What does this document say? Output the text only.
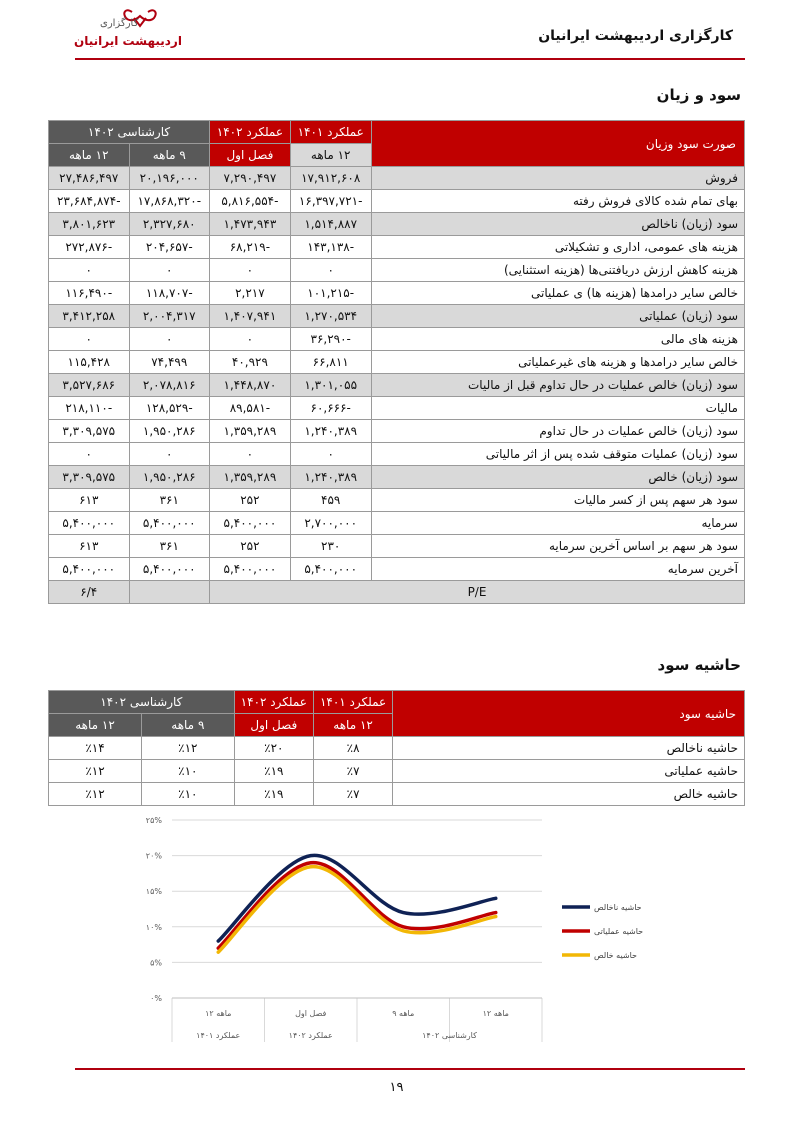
کارگزاری
اردیبهشت ایرانیان	کارگزاری اردیبهشت ایرانیان
سود و زیان
صورت سود وزیان	عملکرد ۱۴۰۱	عملکرد ۱۴۰۲	کارشناسی ۱۴۰۲	
	۱۲ ماهه	فصل اول	۹ ماهه	۱۲ ماهه
فروش	۱۷,۹۱۲,۶۰۸	۷,۲۹۰,۴۹۷	۲۰,۱۹۶,۰۰۰	۲۷,۴۸۶,۴۹۷
بهای تمام شده کالای فروش رفته	-۱۶,۳۹۷,۷۲۱	-۵,۸۱۶,۵۵۴	-۱۷,۸۶۸,۳۲۰	-۲۳,۶۸۴,۸۷۴
سود (زیان) ناخالص	۱,۵۱۴,۸۸۷	۱,۴۷۳,۹۴۳	۲,۳۲۷,۶۸۰	۳,۸۰۱,۶۲۳
هزینه های عمومی، اداری و تشکیلاتی	-۱۴۳,۱۳۸	-۶۸,۲۱۹	-۲۰۴,۶۵۷	-۲۷۲,۸۷۶
هزینه کاهش ارزش دریافتنی‌ها (هزینه استثنایی)	۰	۰	۰	۰
خالص سایر درامدها (هزینه ها) ی عملیاتی	-۱۰۱,۲۱۵	۲,۲۱۷	-۱۱۸,۷۰۷	-۱۱۶,۴۹۰
سود (زیان) عملیاتی	۱,۲۷۰,۵۳۴	۱,۴۰۷,۹۴۱	۲,۰۰۴,۳۱۷	۳,۴۱۲,۲۵۸
هزینه های مالی	-۳۶,۲۹۰	۰	۰	۰
خالص سایر درامدها و هزینه های غیرعملیاتی	۶۶,۸۱۱	۴۰,۹۲۹	۷۴,۴۹۹	۱۱۵,۴۲۸
سود (زیان) خالص عملیات در حال تداوم قبل از مالیات	۱,۳۰۱,۰۵۵	۱,۴۴۸,۸۷۰	۲,۰۷۸,۸۱۶	۳,۵۲۷,۶۸۶
مالیات	-۶۰,۶۶۶	-۸۹,۵۸۱	-۱۲۸,۵۲۹	-۲۱۸,۱۱۰
سود (زیان) خالص عملیات در حال تداوم	۱,۲۴۰,۳۸۹	۱,۳۵۹,۲۸۹	۱,۹۵۰,۲۸۶	۳,۳۰۹,۵۷۵
سود (زیان) عملیات متوقف شده پس از اثر مالیاتی	۰	۰	۰	۰
سود (زیان) خالص	۱,۲۴۰,۳۸۹	۱,۳۵۹,۲۸۹	۱,۹۵۰,۲۸۶	۳,۳۰۹,۵۷۵
سود هر سهم پس از کسر مالیات	۴۵۹	۲۵۲	۳۶۱	۶۱۳
سرمایه	۲,۷۰۰,۰۰۰	۵,۴۰۰,۰۰۰	۵,۴۰۰,۰۰۰	۵,۴۰۰,۰۰۰
سود هر سهم بر اساس آخرین سرمایه	۲۳۰	۲۵۲	۳۶۱	۶۱۳
آخرین سرمایه	۵,۴۰۰,۰۰۰	۵,۴۰۰,۰۰۰	۵,۴۰۰,۰۰۰	۵,۴۰۰,۰۰۰
P/E				۶/۴
حاشیه سود
حاشیه سود	عملکرد ۱۴۰۱	عملکرد ۱۴۰۲	کارشناسی ۱۴۰۲	
	۱۲ ماهه	فصل اول	۹ ماهه	۱۲ ماهه
حاشیه ناخالص	٪۸	٪۲۰	٪۱۲	٪۱۴
حاشیه عملیاتی	٪۷	٪۱۹	٪۱۰	٪۱۲
حاشیه خالص	٪۷	٪۱۹	٪۱۰	٪۱۲
۰%
۵%
۱۰%
۱۵%
۲۰%
۲۵%
۱۲ ماهه	فصل اول	۹ ماهه	۱۲ ماهه
عملکرد ۱۴۰۱	عملکرد ۱۴۰۲	کارشناسی ۱۴۰۲
حاشیه ناخالص
حاشیه عملیاتی
حاشیه خالص
۱۹
